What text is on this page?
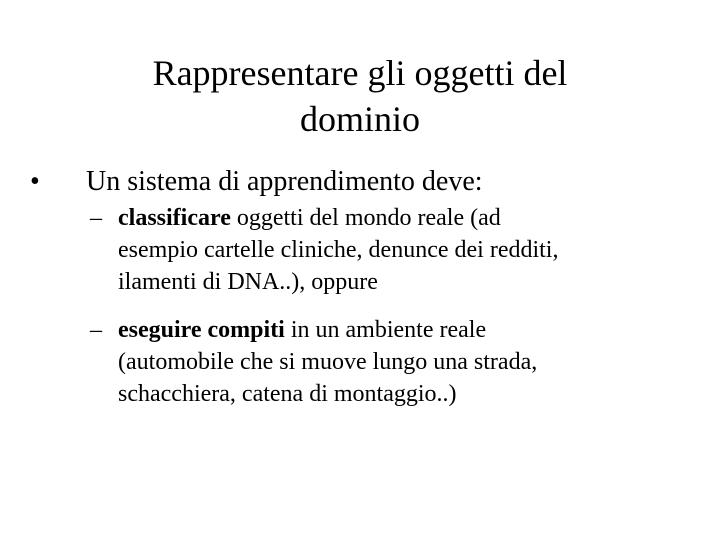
Rappresentare gli oggetti del
dominio
• Un sistema di apprendimento deve:
– classificare oggetti del mondo reale (ad
esempio cartelle cliniche, denunce dei redditi,
ilamenti di DNA..), oppure
– eseguire compiti in un ambiente reale
(automobile che si muove lungo una strada,
schacchiera, catena di montaggio..)
